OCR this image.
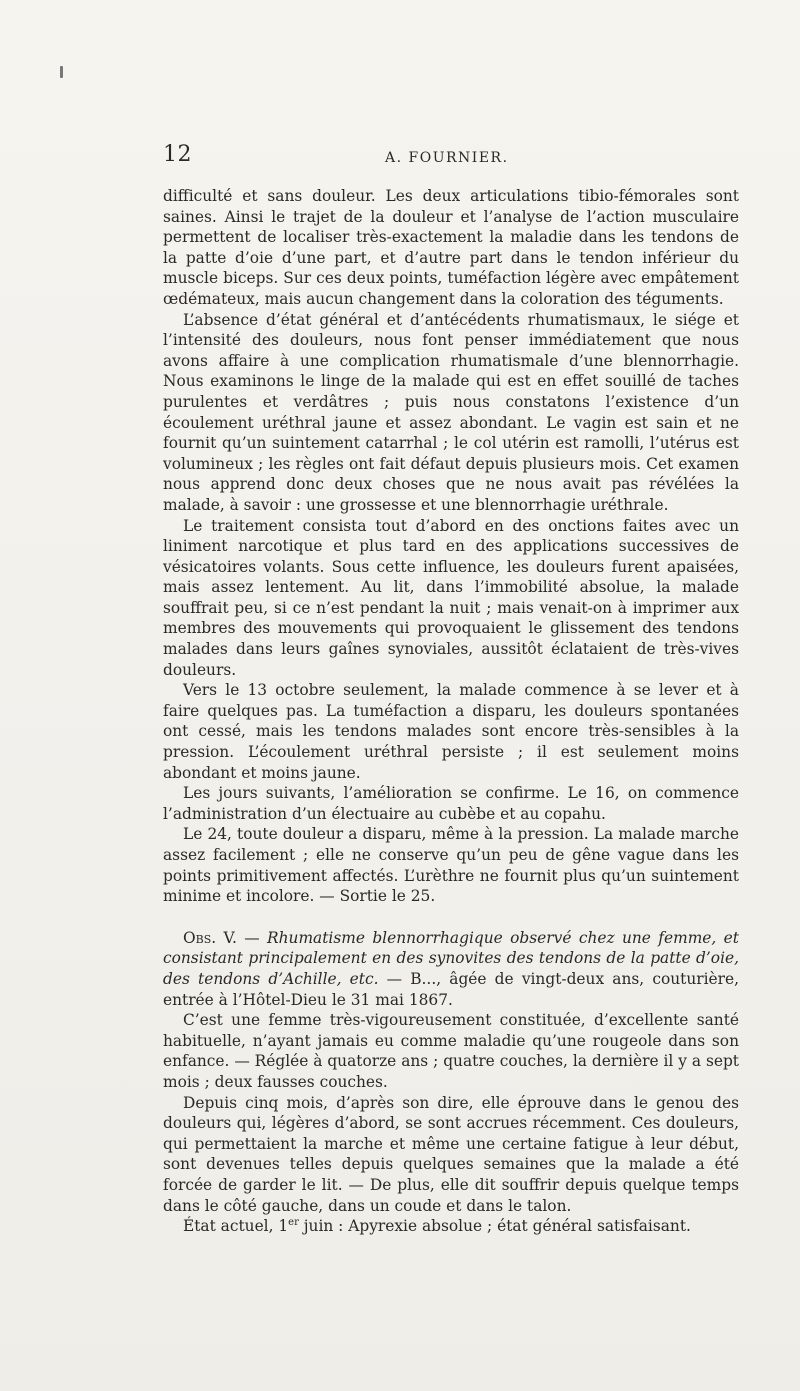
12	A. FOURNIER.

difficulté et sans douleur. Les deux articulations tibio-fémorales sont saines. Ainsi le trajet de la douleur et l’analyse de l’action musculaire permettent de localiser très-exactement la maladie dans les tendons de la patte d’oie d’une part, et d’autre part dans le tendon inférieur du muscle biceps. Sur ces deux points, tuméfaction légère avec empâtement œdémateux, mais aucun changement dans la coloration des téguments.

L’absence d’état général et d’antécédents rhumatismaux, le siége et l’intensité des douleurs, nous font penser immédiatement que nous avons affaire à une complication rhumatismale d’une blennorrhagie. Nous examinons le linge de la malade qui est en effet souillé de taches purulentes et verdâtres ; puis nous constatons l’existence d’un écoulement uréthral jaune et assez abondant. Le vagin est sain et ne fournit qu’un suintement catarrhal ; le col utérin est ramolli, l’utérus est volumineux ; les règles ont fait défaut depuis plusieurs mois. Cet examen nous apprend donc deux choses que ne nous avait pas révélées la malade, à savoir : une grossesse et une blennorrhagie uréthrale.

Le traitement consista tout d’abord en des onctions faites avec un liniment narcotique et plus tard en des applications successives de vésicatoires volants. Sous cette influence, les douleurs furent apaisées, mais assez lentement. Au lit, dans l’immobilité absolue, la malade souffrait peu, si ce n’est pendant la nuit ; mais venait-on à imprimer aux membres des mouvements qui provoquaient le glissement des tendons malades dans leurs gaînes synoviales, aussitôt éclataient de très-vives douleurs.

Vers le 13 octobre seulement, la malade commence à se lever et à faire quelques pas. La tuméfaction a disparu, les douleurs spontanées ont cessé, mais les tendons malades sont encore très-sensibles à la pression. L’écoulement uréthral persiste ; il est seulement moins abondant et moins jaune.

Les jours suivants, l’amélioration se confirme. Le 16, on commence l’administration d’un électuaire au cubèbe et au copahu.

Le 24, toute douleur a disparu, même à la pression. La malade marche assez facilement ; elle ne conserve qu’un peu de gêne vague dans les points primitivement affectés. L’urèthre ne fournit plus qu’un suintement minime et incolore. — Sortie le 25.

Obs. V. — Rhumatisme blennorrhagique observé chez une femme, et consistant principalement en des synovites des tendons de la patte d’oie, des tendons d’Achille, etc. — B..., âgée de vingt-deux ans, couturière, entrée à l’Hôtel-Dieu le 31 mai 1867.

C’est une femme très-vigoureusement constituée, d’excellente santé habituelle, n’ayant jamais eu comme maladie qu’une rougeole dans son enfance. — Réglée à quatorze ans ; quatre couches, la dernière il y a sept mois ; deux fausses couches.

Depuis cinq mois, d’après son dire, elle éprouve dans le genou des douleurs qui, légères d’abord, se sont accrues récemment. Ces douleurs, qui permettaient la marche et même une certaine fatigue à leur début, sont devenues telles depuis quelques semaines que la malade a été forcée de garder le lit. — De plus, elle dit souffrir depuis quelque temps dans le côté gauche, dans un coude et dans le talon.

État actuel, 1er juin : Apyrexie absolue ; état général satisfaisant.
